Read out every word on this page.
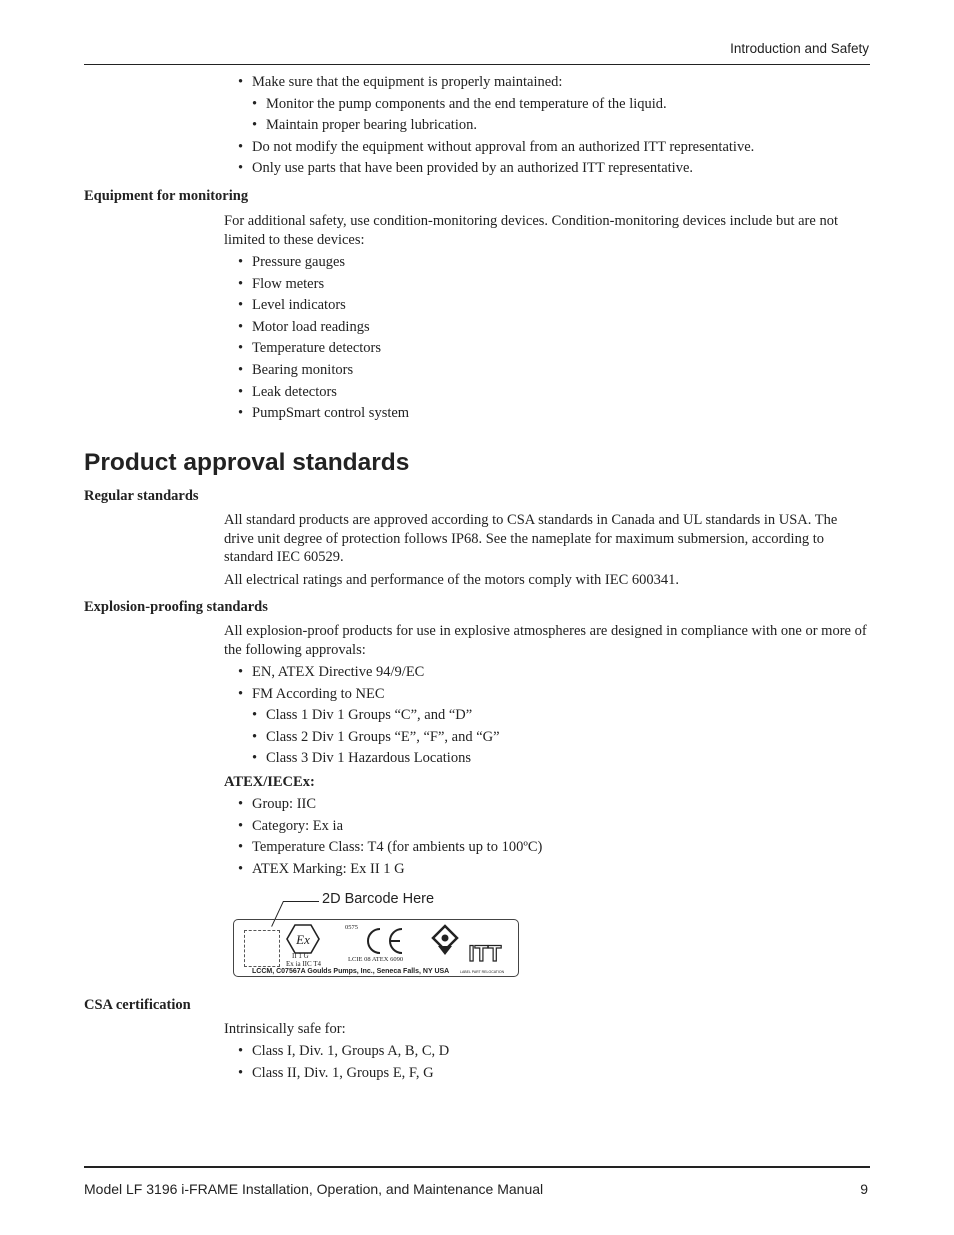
Introduction and Safety
• Make sure that the equipment is properly maintained:
• Monitor the pump components and the end temperature of the liquid.
• Maintain proper bearing lubrication.
• Do not modify the equipment without approval from an authorized ITT representative.
• Only use parts that have been provided by an authorized ITT representative.
Equipment for monitoring
For additional safety, use condition-monitoring devices. Condition-monitoring devices include but are not limited to these devices:
• Pressure gauges
• Flow meters
• Level indicators
• Motor load readings
• Temperature detectors
• Bearing monitors
• Leak detectors
• PumpSmart control system
Product approval standards
Regular standards
All standard products are approved according to CSA standards in Canada and UL standards in USA. The drive unit degree of protection follows IP68. See the nameplate for maximum submersion, according to standard IEC 60529.
All electrical ratings and performance of the motors comply with IEC 600341.
Explosion-proofing standards
All explosion-proof products for use in explosive atmospheres are designed in compliance with one or more of the following approvals:
• EN, ATEX Directive 94/9/EC
• FM According to NEC
• Class 1 Div 1 Groups “C”, and “D”
• Class 2 Div 1 Groups “E”, “F”, and “G”
• Class 3 Div 1 Hazardous Locations
ATEX/IECEx:
• Group: IIC
• Category: Ex ia
• Temperature Class: T4 (for ambients up to 100ºC)
• ATEX Marking: Ex II 1 G
2D Barcode Here
Ex
II 1 G
Ex ia IIC T4
0575
LCIE 08 ATEX 6090	ITT
LCCM, C07567A Goulds Pumps, Inc., Seneca Falls, NY USA	LABEL PART RELOCATION
CSA certification
Intrinsically safe for:
• Class I, Div. 1, Groups A, B, C, D
• Class II, Div. 1, Groups E, F, G
Model LF 3196 i-FRAME Installation, Operation, and Maintenance Manual	9
